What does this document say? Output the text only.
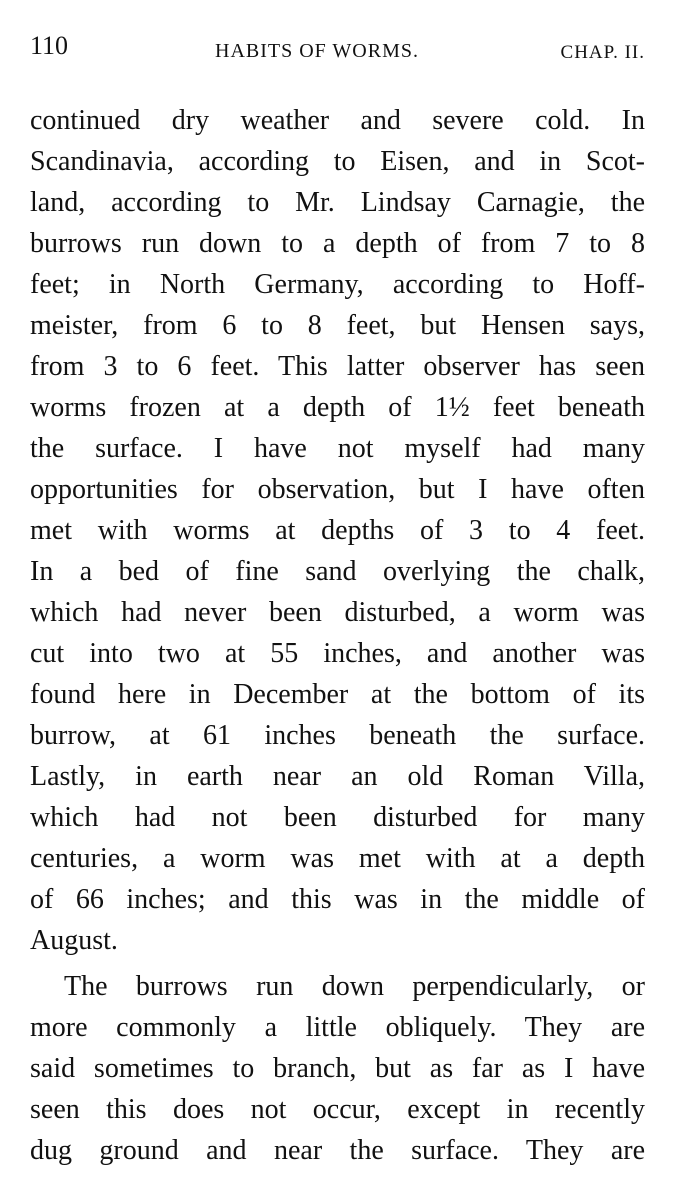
110	HABITS OF WORMS.	CHAP. II.
continued dry weather and severe cold. In
Scandinavia, according to Eisen, and in Scot-
land, according to Mr. Lindsay Carnagie, the
burrows run down to a depth of from 7 to 8
feet; in North Germany, according to Hoff-
meister, from 6 to 8 feet, but Hensen says,
from 3 to 6 feet. This latter observer has seen
worms frozen at a depth of 1½ feet beneath
the surface. I have not myself had many
opportunities for observation, but I have often
met with worms at depths of 3 to 4 feet.
In a bed of fine sand overlying the chalk,
which had never been disturbed, a worm was
cut into two at 55 inches, and another was
found here in December at the bottom of its
burrow, at 61 inches beneath the surface.
Lastly, in earth near an old Roman Villa,
which had not been disturbed for many
centuries, a worm was met with at a depth
of 66 inches; and this was in the middle of
August.
The burrows run down perpendicularly, or
more commonly a little obliquely. They are
said sometimes to branch, but as far as I have
seen this does not occur, except in recently
dug ground and near the surface. They are
